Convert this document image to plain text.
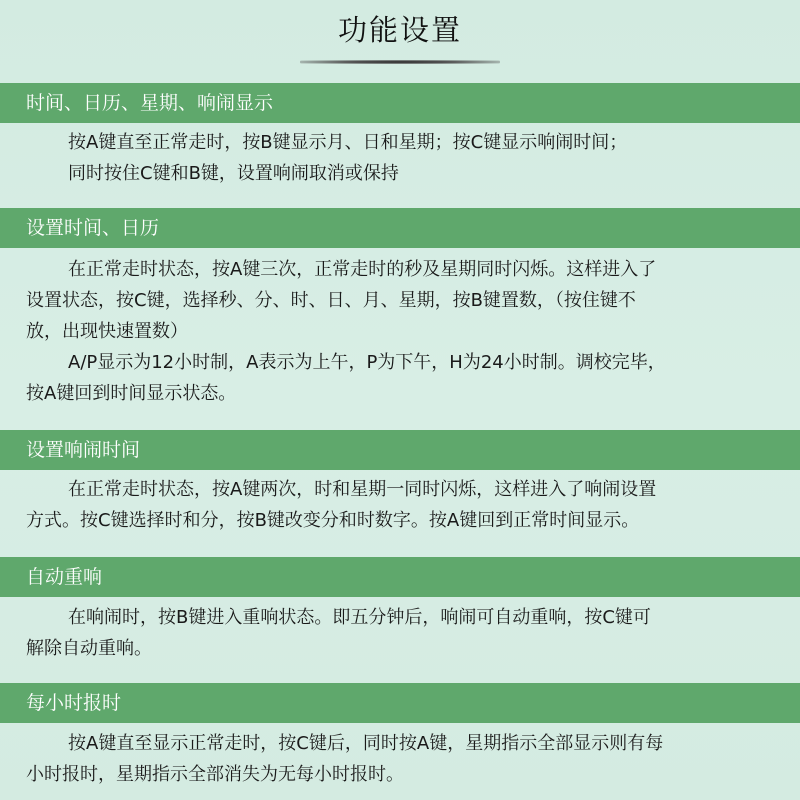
功能设置
时间、日历、星期、响闹显示
按A键直至正常走时，按B键显示月、日和星期；按C键显示响闹时间；
同时按住C键和B键，设置响闹取消或保持
设置时间、日历
在正常走时状态，按A键三次，正常走时的秒及星期同时闪烁。这样进入了
设置状态，按C键，选择秒、分、时、日、月、星期，按B键置数，（按住键不
放，出现快速置数）
A/P显示为12小时制，A表示为上午，P为下午，H为24小时制。调校完毕，
按A键回到时间显示状态。
设置响闹时间
在正常走时状态，按A键两次，时和星期一同时闪烁，这样进入了响闹设置
方式。按C键选择时和分，按B键改变分和时数字。按A键回到正常时间显示。
自动重响
在响闹时，按B键进入重响状态。即五分钟后，响闹可自动重响，按C键可
解除自动重响。
每小时报时
按A键直至显示正常走时，按C键后，同时按A键，星期指示全部显示则有每
小时报时，星期指示全部消失为无每小时报时。
